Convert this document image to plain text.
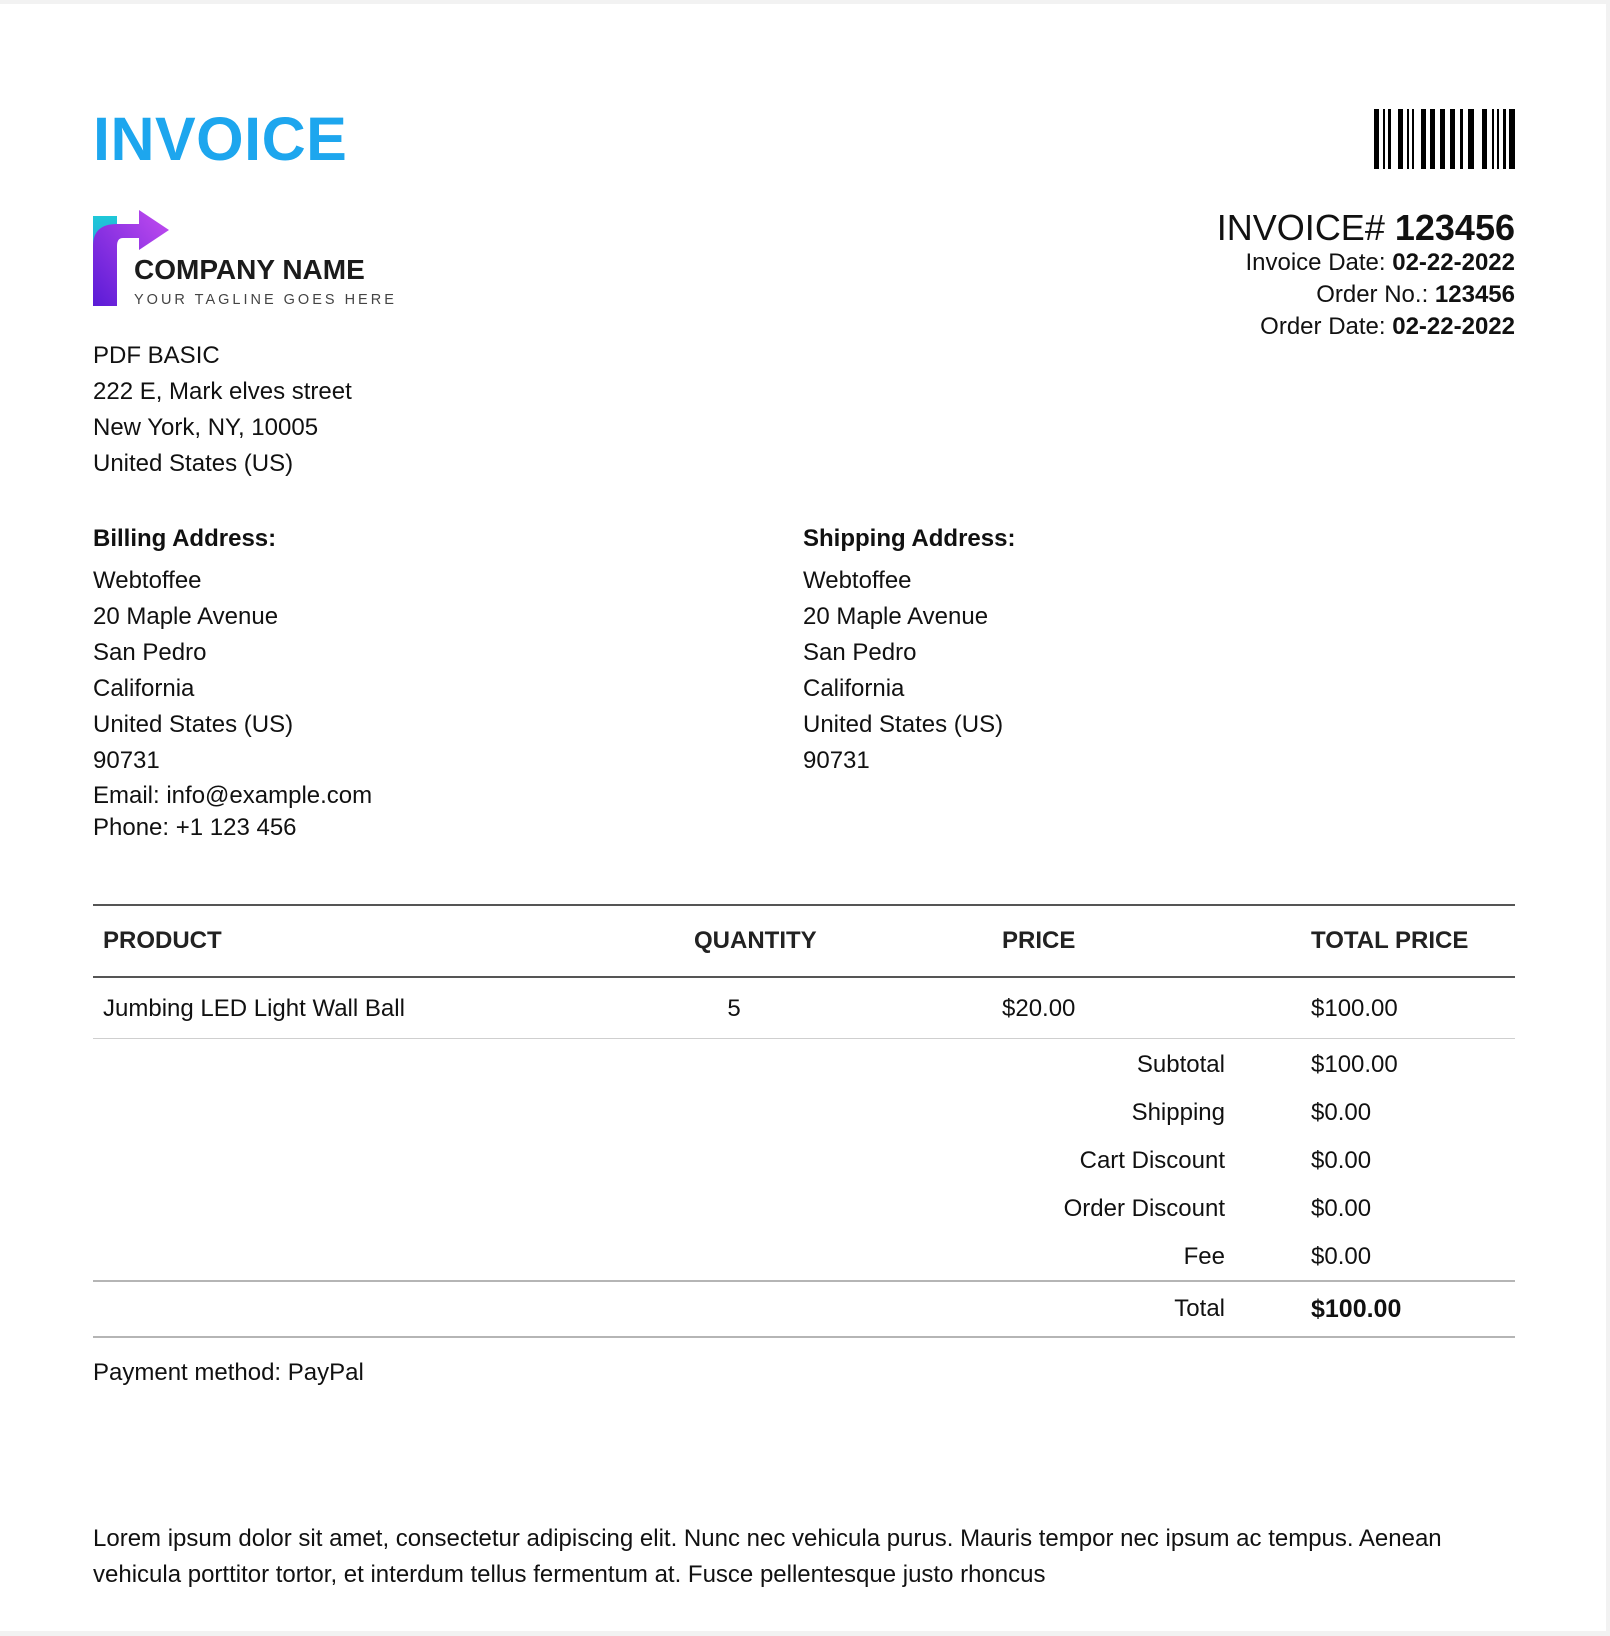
INVOICE
COMPANY NAME
YOUR TAGLINE GOES HERE
INVOICE# 123456
Invoice Date: 02-22-2022
Order No.: 123456
Order Date: 02-22-2022
PDF BASIC
222 E, Mark elves street
New York, NY, 10005
United States (US)
Billing Address:
Webtoffee
20 Maple Avenue
San Pedro
California
United States (US)
90731
Email: info@example.com
Phone: +1 123 456
Shipping Address:
Webtoffee
20 Maple Avenue
San Pedro
California
United States (US)
90731
PRODUCT	QUANTITY	PRICE	TOTAL PRICE
Jumbing LED Light Wall Ball	5	$20.00	$100.00
Subtotal	$100.00
Shipping	$0.00
Cart Discount	$0.00
Order Discount	$0.00
Fee	$0.00
Total	$100.00
Payment method: PayPal
Lorem ipsum dolor sit amet, consectetur adipiscing elit. Nunc nec vehicula purus. Mauris tempor nec ipsum ac tempus. Aenean vehicula porttitor tortor, et interdum tellus fermentum at. Fusce pellentesque justo rhoncus
